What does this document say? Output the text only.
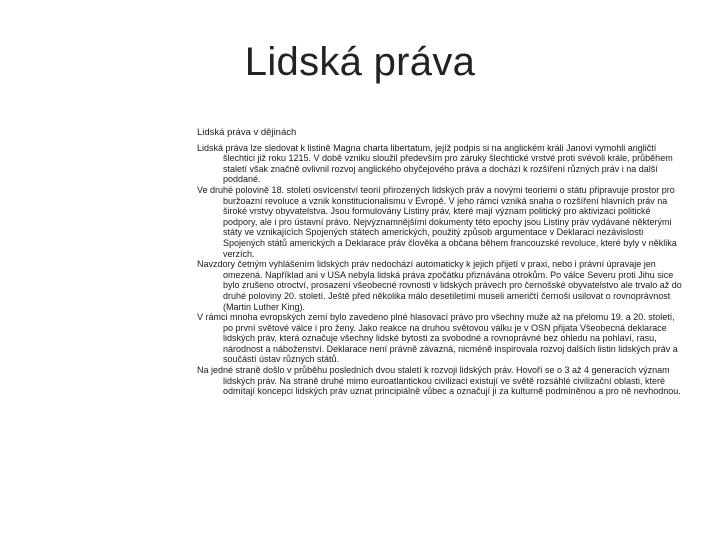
Lidská práva
Lidská práva v dějinách

Lidská práva lze sledovat k listině Magna charta libertatum, jejíž podpis si na anglickém králi Janovi vymohli angličtí šlechtici již roku 1215. V době vzniku sloužil především pro záruky šlechtické vrstvé proti svévoli krále, průběhem staletí však značně ovlivnil rozvoj anglického obyčejového práva a dochází k rozšíření různých práv i na další poddané.

Ve druhé polovině 18. století osvícenství teorií přirozených lidských práv a novými teoriemi o státu připravuje prostor pro buržoazní revoluce a vznik konstitucionalismu v Evropě. V jeho rámci vzniká snaha o rozšíření hlavních práv na široké vrstvy obyvatelstva. Jsou formulovány Listiny práv, které mají význam politický pro aktivizaci politické podpory, ale i pro ústavní právo. Nejvýznamnějšími dokumenty této epochy jsou Listiny práv vydávané některými státy ve vznikajících Spojených státech amerických, použitý způsob argumentace v Deklaraci nezávislosti Spojených států amerických a Deklarace práv člověka a občana během francouzské revoluce, které byly v něklika verzích.

Navzdory četným vyhlášením lidských práv nedochází automaticky k jejich přijetí v praxi, nebo i právní úpravaje jen omezená. Například ani v USA nebyla lidská práva zpočátku přiznávána otrokům. Po válce Severu proti Jihu sice bylo zrušeno otroctví, prosazení všeobecné rovnosti v lidských právech pro černošské obyvatelstvo ale trvalo až do druhé poloviny 20. století. Ještě před několika málo desetiletími museli američtí černoši usilovat o rovnoprávnost (Martin Luther King).

V rámci mnoha evropských zemí bylo zavedeno plné hlasovací právo pro všechny muže až na přelomu 19. a 20. století, po první světové válce i pro ženy. Jako reakce na druhou světovou válku je v OSN přijata Všeobecná deklarace lidských práv, která označuje všechny lidské bytosti za svobodné a rovnoprávné bez ohledu na pohlaví, rasu, národnost a náboženství. Deklarace není právně závazná, nicméně inspirovala rozvoj dalších listin lidských práv a součástí ústav různých států.

Na jedné straně došlo v průběhu posledních dvou staletí k rozvoji lidských práv. Hovoří se o 3 až 4 generacích význam lidských práv. Na straně druhé mimo euroatlantickou civilizaci existují ve světě rozsáhlé civilizační oblasti, které odmítají koncepci lidských práv uznat principiálně vůbec a označují ji za kulturně podmíněnou a pro ně nevhodnou.
